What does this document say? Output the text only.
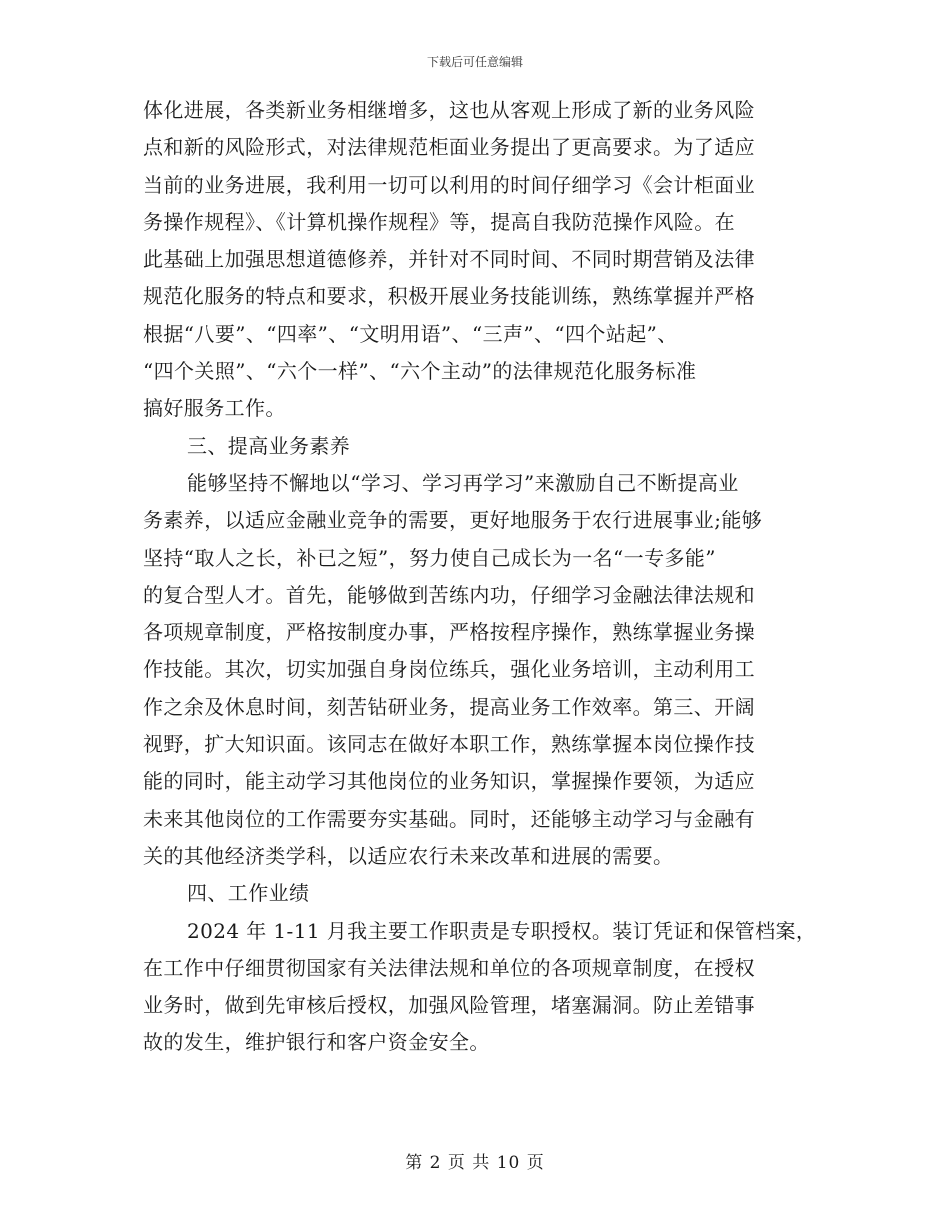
下载后可任意编辑
体化进展，各类新业务相继增多，这也从客观上形成了新的业务风险
点和新的风险形式，对法律规范柜面业务提出了更高要求。为了适应
当前的业务进展，我利用一切可以利用的时间仔细学习《会计柜面业
务操作规程》、《计算机操作规程》等，提高自我防范操作风险。在
此基础上加强思想道德修养，并针对不同时间、不同时期营销及法律
规范化服务的特点和要求，积极开展业务技能训练，熟练掌握并严格
根据“八要”、“四率”、“文明用语”、“三声”、“四个站起”、
“四个关照”、“六个一样”、“六个主动”的法律规范化服务标准
搞好服务工作。
三、提高业务素养
能够坚持不懈地以“学习、学习再学习”来激励自己不断提高业
务素养，以适应金融业竞争的需要，更好地服务于农行进展事业;能够
坚持“取人之长，补已之短”，努力使自己成长为一名“一专多能”
的复合型人才。首先，能够做到苦练内功，仔细学习金融法律法规和
各项规章制度，严格按制度办事，严格按程序操作，熟练掌握业务操
作技能。其次，切实加强自身岗位练兵，强化业务培训，主动利用工
作之余及休息时间，刻苦钻研业务，提高业务工作效率。第三、开阔
视野，扩大知识面。该同志在做好本职工作，熟练掌握本岗位操作技
能的同时，能主动学习其他岗位的业务知识，掌握操作要领，为适应
未来其他岗位的工作需要夯实基础。同时，还能够主动学习与金融有
关的其他经济类学科，以适应农行未来改革和进展的需要。
四、工作业绩
2024 年 1-11 月我主要工作职责是专职授权。装订凭证和保管档案，
在工作中仔细贯彻国家有关法律法规和单位的各项规章制度，在授权
业务时，做到先审核后授权，加强风险管理，堵塞漏洞。防止差错事
故的发生，维护银行和客户资金安全。
第 2 页 共 10 页
